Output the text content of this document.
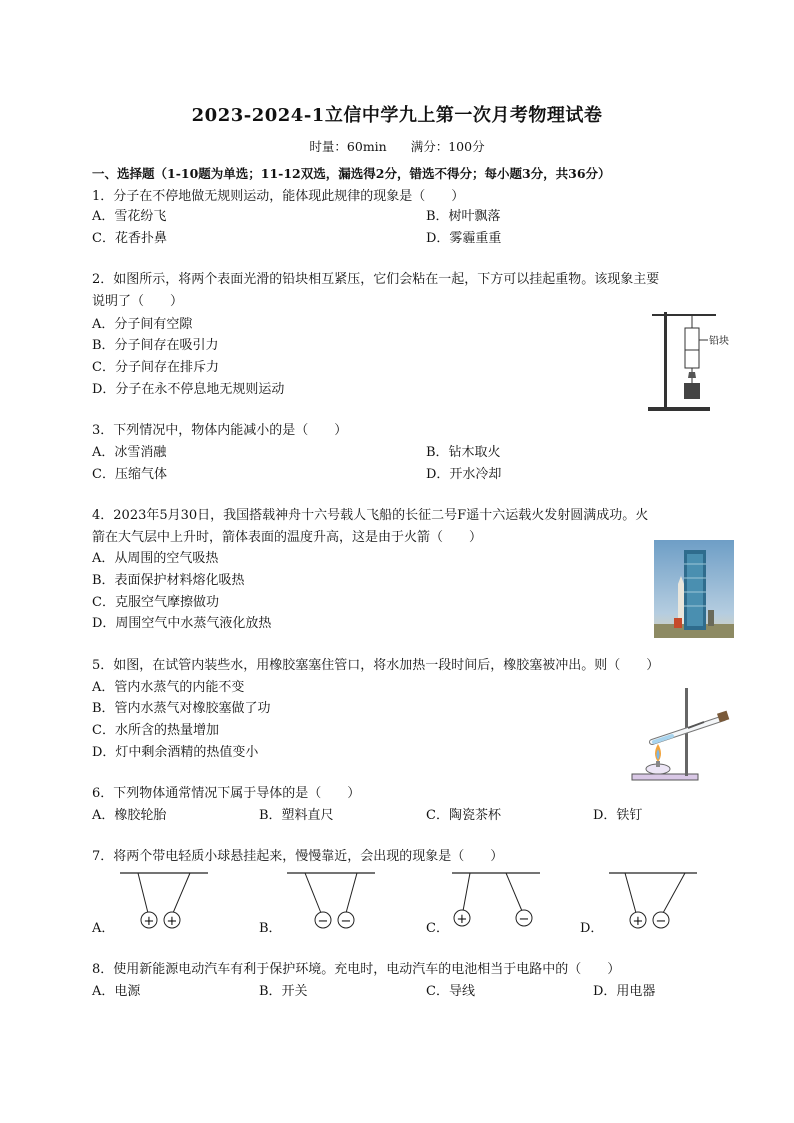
2023-2024-1立信中学九上第一次月考物理试卷
时量：60min 满分：100分
一、选择题（1-10题为单选；11-12双选，漏选得2分，错选不得分；每小题3分，共36分）
1．分子在不停地做无规则运动，能体现此规律的现象是（　　）
A．雪花纷飞	B．树叶飘落
C．花香扑鼻	D．雾霾重重
2．如图所示，将两个表面光滑的铅块相互紧压，它们会粘在一起，下方可以挂起重物。该现象主要
说明了（　　）
A．分子间有空隙
B．分子间存在吸引力
C．分子间存在排斥力
D．分子在永不停息地无规则运动
铅块
3．下列情况中，物体内能减小的是（　　）
A．冰雪消融	B．钻木取火
C．压缩气体	D．开水冷却
4．2023年5月30日，我国搭载神舟十六号载人飞船的长征二号F遥十六运载火发射圆满成功。火
箭在大气层中上升时，箭体表面的温度升高，这是由于火箭（　　）
A．从周围的空气吸热
B．表面保护材料熔化吸热
C．克服空气摩擦做功
D．周围空气中水蒸气液化放热
5．如图，在试管内装些水，用橡胶塞塞住管口，将水加热一段时间后，橡胶塞被冲出。则（　　）
A．管内水蒸气的内能不变
B．管内水蒸气对橡胶塞做了功
C．水所含的热量增加
D．灯中剩余酒精的热值变小
6．下列物体通常情况下属于导体的是（　　）
A．橡胶轮胎	B．塑料直尺	C．陶瓷茶杯	D．铁钉
7．将两个带电轻质小球悬挂起来，慢慢靠近，会出现的现象是（　　）
A．	B．	C．	D．
+ +	− −	+	−	+ −
8．使用新能源电动汽车有利于保护环境。充电时，电动汽车的电池相当于电路中的（　　）
A．电源	B．开关	C．导线	D．用电器
